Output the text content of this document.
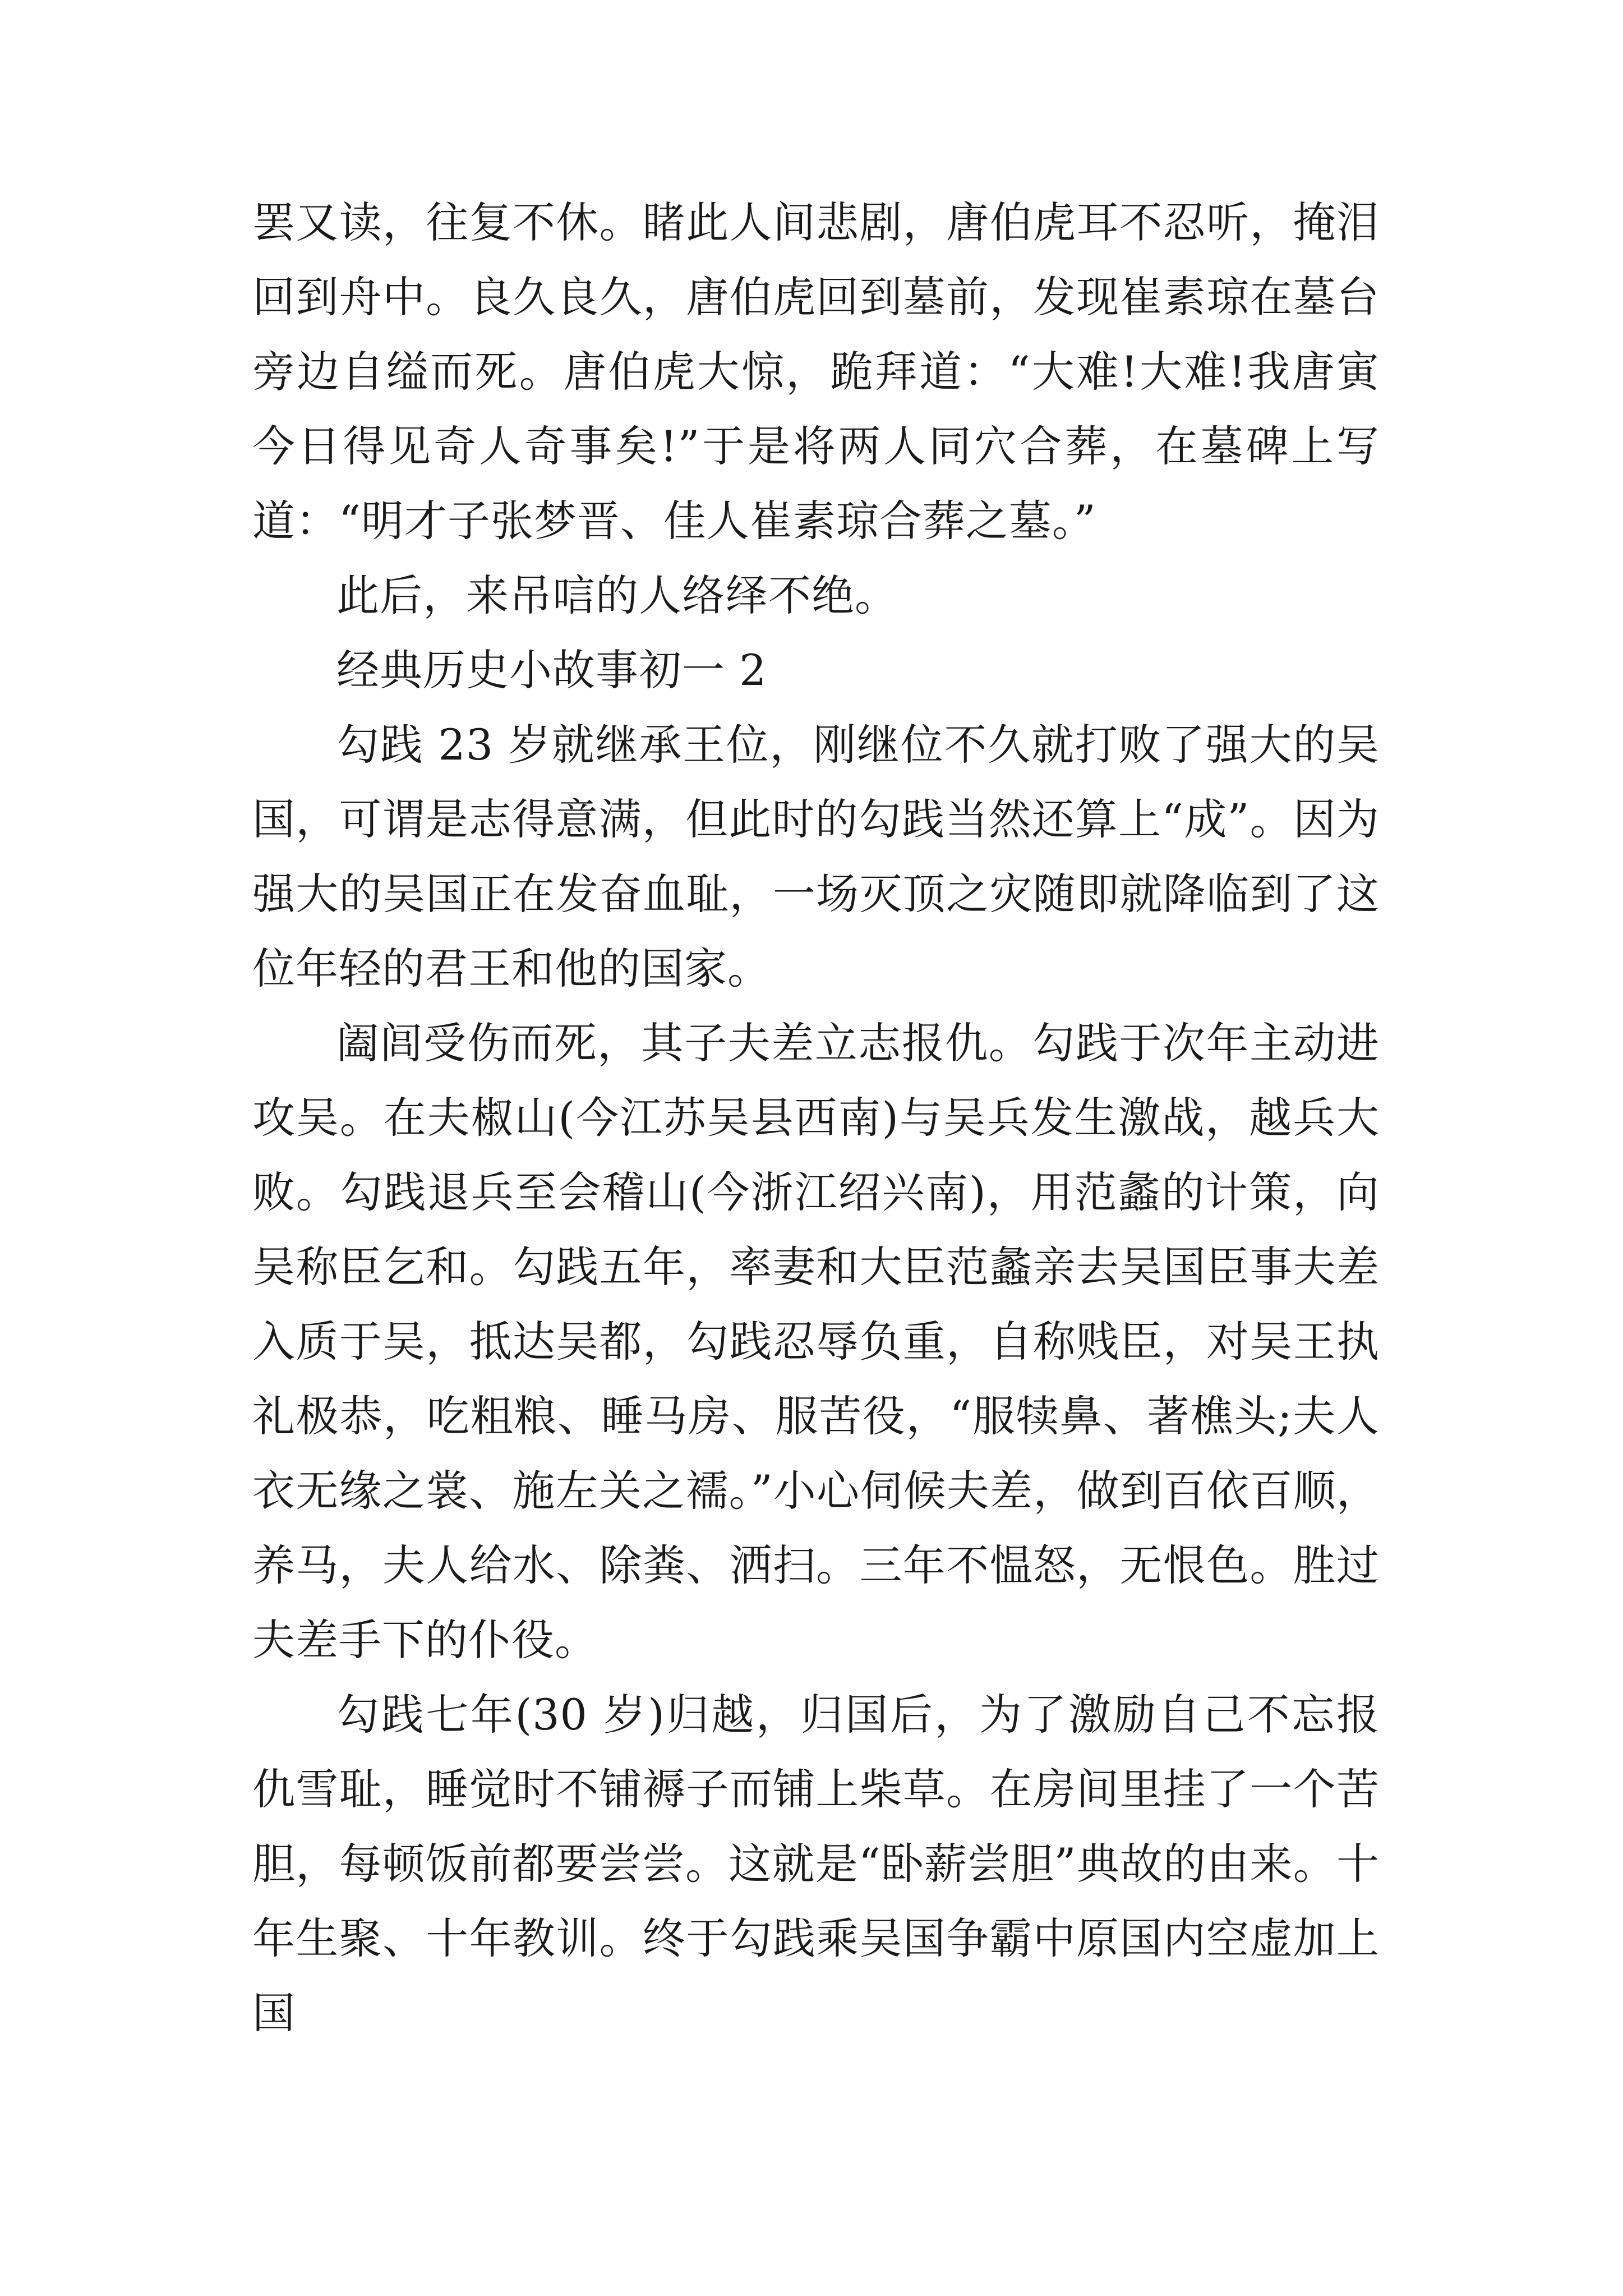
罢又读，往复不休。睹此人间悲剧，唐伯虎耳不忍听，掩泪回到舟中。良久良久，唐伯虎回到墓前，发现崔素琼在墓台旁边自缢而死。唐伯虎大惊，跪拜道：“大难!大难!我唐寅今日得见奇人奇事矣!”于是将两人同穴合葬，在墓碑上写道：“明才子张梦晋、佳人崔素琼合葬之墓。”

此后，来吊唁的人络绎不绝。

经典历史小故事初一 2

勾践 23 岁就继承王位，刚继位不久就打败了强大的吴国，可谓是志得意满，但此时的勾践当然还算上“成”。因为强大的吴国正在发奋血耻，一场灭顶之灾随即就降临到了这位年轻的君王和他的国家。

阖闾受伤而死，其子夫差立志报仇。勾践于次年主动进攻吴。在夫椒山(今江苏吴县西南)与吴兵发生激战，越兵大败。勾践退兵至会稽山(今浙江绍兴南)，用范蠡的计策，向吴称臣乞和。勾践五年，率妻和大臣范蠡亲去吴国臣事夫差入质于吴，抵达吴都，勾践忍辱负重，自称贱臣，对吴王执礼极恭，吃粗粮、睡马房、服苦役，“服犊鼻、著樵头;夫人衣无缘之裳、施左关之襦。”小心伺候夫差，做到百依百顺，养马，夫人给水、除粪、洒扫。三年不愠怒，无恨色。胜过夫差手下的仆役。

勾践七年(30 岁)归越，归国后，为了激励自己不忘报仇雪耻，睡觉时不铺褥子而铺上柴草。在房间里挂了一个苦胆，每顿饭前都要尝尝。这就是“卧薪尝胆”典故的由来。十年生聚、十年教训。终于勾践乘吴国争霸中原国内空虚加上国
